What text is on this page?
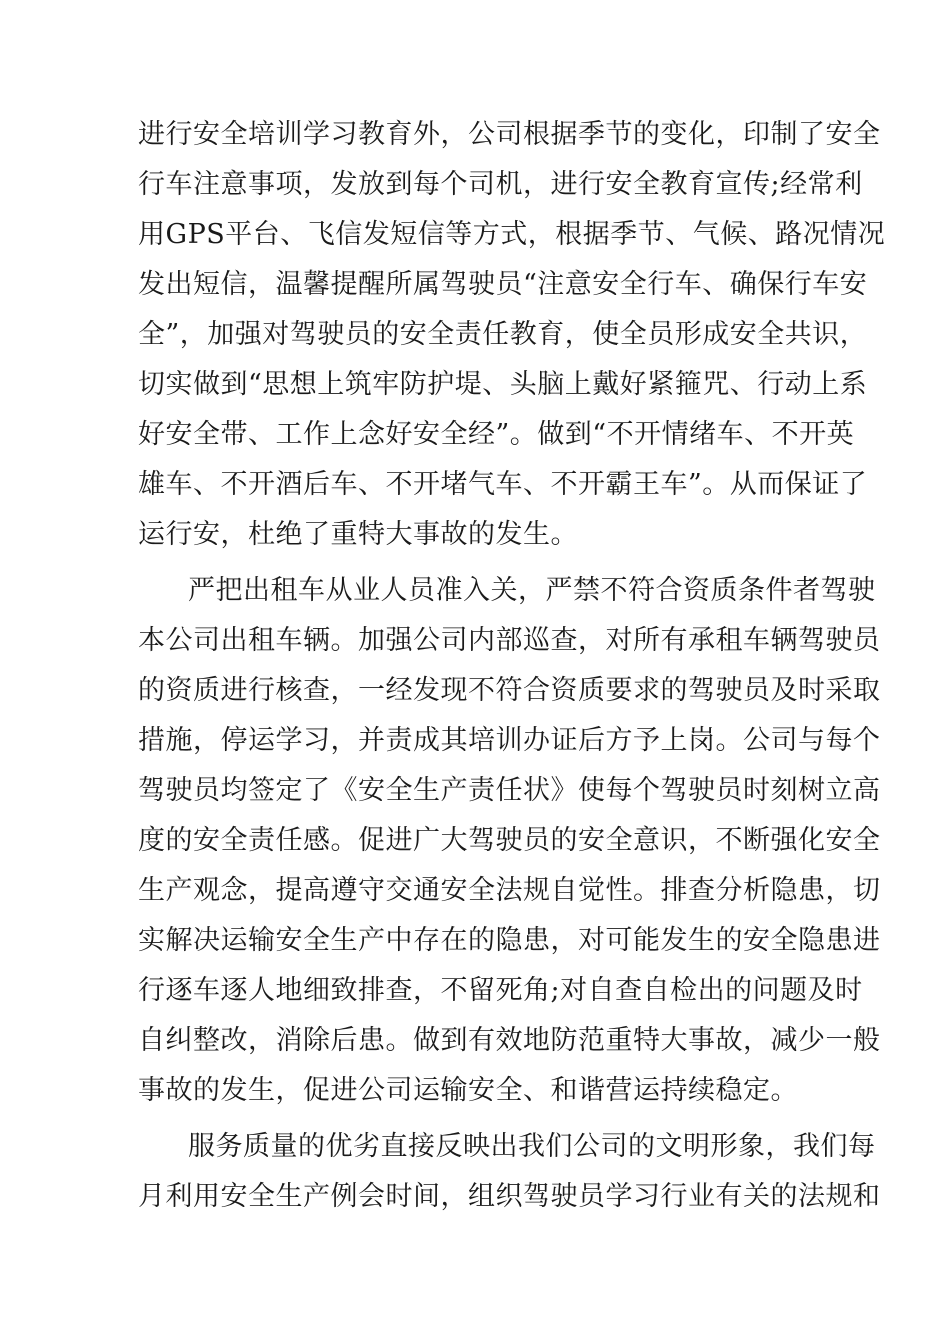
进行安全培训学习教育外，公司根据季节的变化，印制了安全
行车注意事项，发放到每个司机，进行安全教育宣传;经常利
用GPS平台、飞信发短信等方式，根据季节、气候、路况情况
发出短信，温馨提醒所属驾驶员“注意安全行车、确保行车安
全”，加强对驾驶员的安全责任教育，使全员形成安全共识，
切实做到“思想上筑牢防护堤、头脑上戴好紧箍咒、行动上系
好安全带、工作上念好安全经”。做到“不开情绪车、不开英
雄车、不开酒后车、不开堵气车、不开霸王车”。从而保证了
运行安，杜绝了重特大事故的发生。
严把出租车从业人员准入关，严禁不符合资质条件者驾驶
本公司出租车辆。加强公司内部巡查，对所有承租车辆驾驶员
的资质进行核查，一经发现不符合资质要求的驾驶员及时采取
措施，停运学习，并责成其培训办证后方予上岗。公司与每个
驾驶员均签定了《安全生产责任状》使每个驾驶员时刻树立高
度的安全责任感。促进广大驾驶员的安全意识，不断强化安全
生产观念，提高遵守交通安全法规自觉性。排查分析隐患，切
实解决运输安全生产中存在的隐患，对可能发生的安全隐患进
行逐车逐人地细致排查，不留死角;对自查自检出的问题及时
自纠整改，消除后患。做到有效地防范重特大事故，减少一般
事故的发生，促进公司运输安全、和谐营运持续稳定。
服务质量的优劣直接反映出我们公司的文明形象，我们每
月利用安全生产例会时间，组织驾驶员学习行业有关的法规和
